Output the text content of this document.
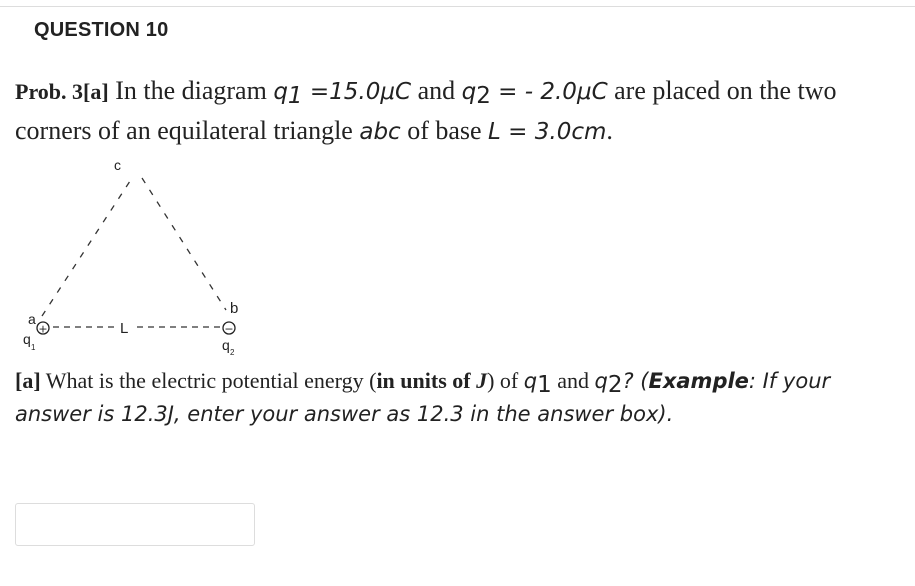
QUESTION 10
Prob. 3[a] In the diagram $q_1 =15.0\mu C$ and $q_2$ = - 2.0μC are placed on the two
corners of an equilateral triangle abc of base L = 3.0cm.
c
a
b
L
+
q
1
−
q 2
[a] What is the electric potential energy (in units of J) of $q_1$ and $q_2$? (Example: If your
answer is 12.3J, enter your answer as 12.3 in the answer box).
